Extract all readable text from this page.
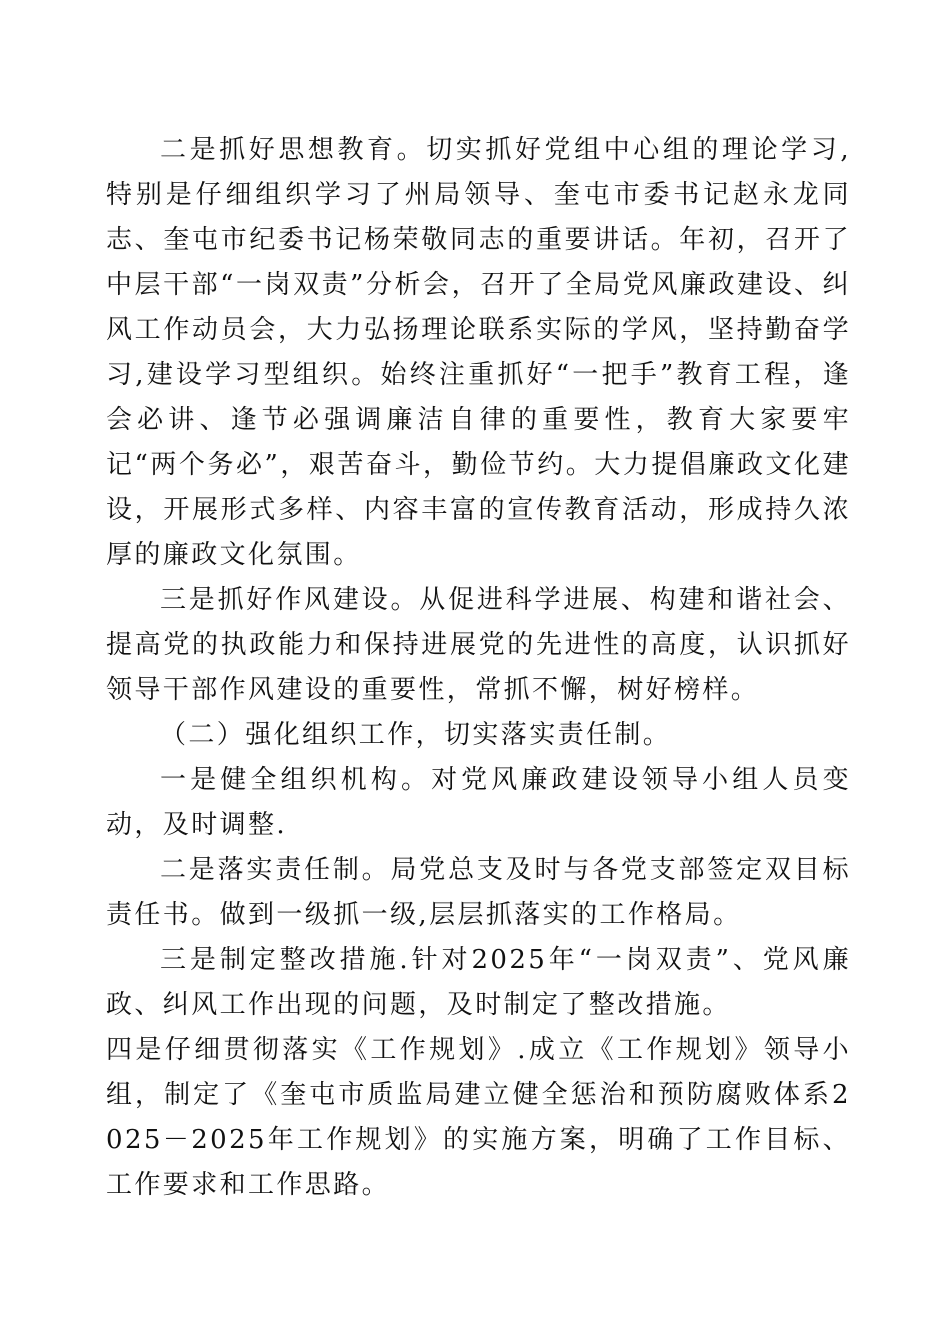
二是抓好思想教育。切实抓好党组中心组的理论学习,特别是仔细组织学习了州局领导、奎屯市委书记赵永龙同志、奎屯市纪委书记杨荣敬同志的重要讲话。年初，召开了中层干部“一岗双责”分析会，召开了全局党风廉政建设、纠风工作动员会，大力弘扬理论联系实际的学风，坚持勤奋学习,建设学习型组织。始终注重抓好“一把手”教育工程，逢会必讲、逢节必强调廉洁自律的重要性，教育大家要牢记“两个务必”，艰苦奋斗，勤俭节约。大力提倡廉政文化建设，开展形式多样、内容丰富的宣传教育活动，形成持久浓厚的廉政文化氛围。

三是抓好作风建设。从促进科学进展、构建和谐社会、提高党的执政能力和保持进展党的先进性的高度，认识抓好领导干部作风建设的重要性，常抓不懈，树好榜样。

（二）强化组织工作，切实落实责任制。

一是健全组织机构。对党风廉政建设领导小组人员变动，及时调整.

二是落实责任制。局党总支及时与各党支部签定双目标责任书。做到一级抓一级,层层抓落实的工作格局。

三是制定整改措施.针对2025年“一岗双责”、党风廉政、纠风工作出现的问题，及时制定了整改措施。

四是仔细贯彻落实《工作规划》.成立《工作规划》领导小组，制定了《奎屯市质监局建立健全惩治和预防腐败体系2025－2025年工作规划》的实施方案，明确了工作目标、工作要求和工作思路。
